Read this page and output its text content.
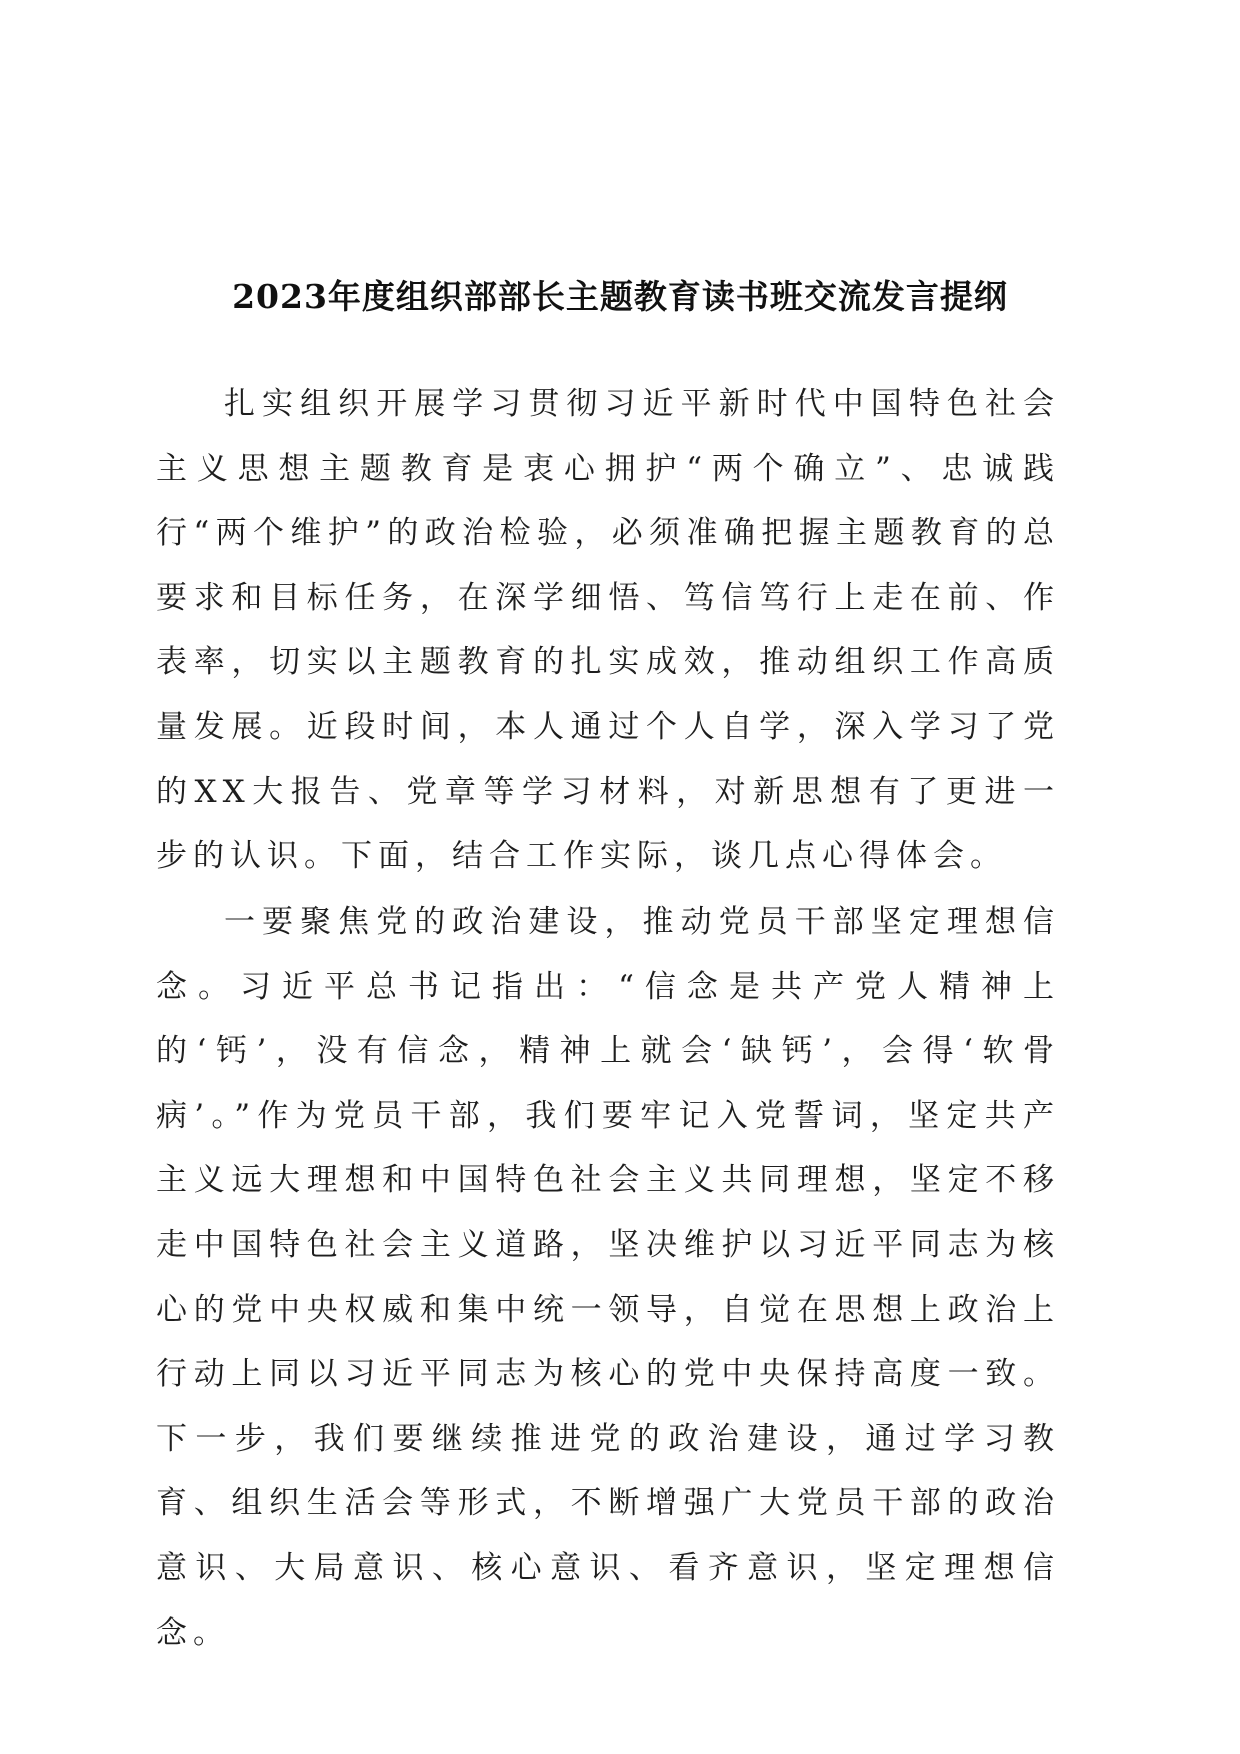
2023年度组织部部长主题教育读书班交流发言提纲

扎实组织开展学习贯彻习近平新时代中国特色社会主义思想主题教育是衷心拥护“两个确立”、忠诚践行“两个维护”的政治检验，必须准确把握主题教育的总要求和目标任务，在深学细悟、笃信笃行上走在前、作表率，切实以主题教育的扎实成效，推动组织工作高质量发展。近段时间，本人通过个人自学，深入学习了党的XX大报告、党章等学习材料，对新思想有了更进一步的认识。下面，结合工作实际，谈几点心得体会。

一要聚焦党的政治建设，推动党员干部坚定理想信念。习近平总书记指出：“信念是共产党人精神上的‘钙’，没有信念，精神上就会‘缺钙’，会得‘软骨病’。”作为党员干部，我们要牢记入党誓词，坚定共产主义远大理想和中国特色社会主义共同理想，坚定不移走中国特色社会主义道路，坚决维护以习近平同志为核心的党中央权威和集中统一领导，自觉在思想上政治上行动上同以习近平同志为核心的党中央保持高度一致。下一步，我们要继续推进党的政治建设，通过学习教育、组织生活会等形式，不断增强广大党员干部的政治意识、大局意识、核心意识、看齐意识，坚定理想信念。
